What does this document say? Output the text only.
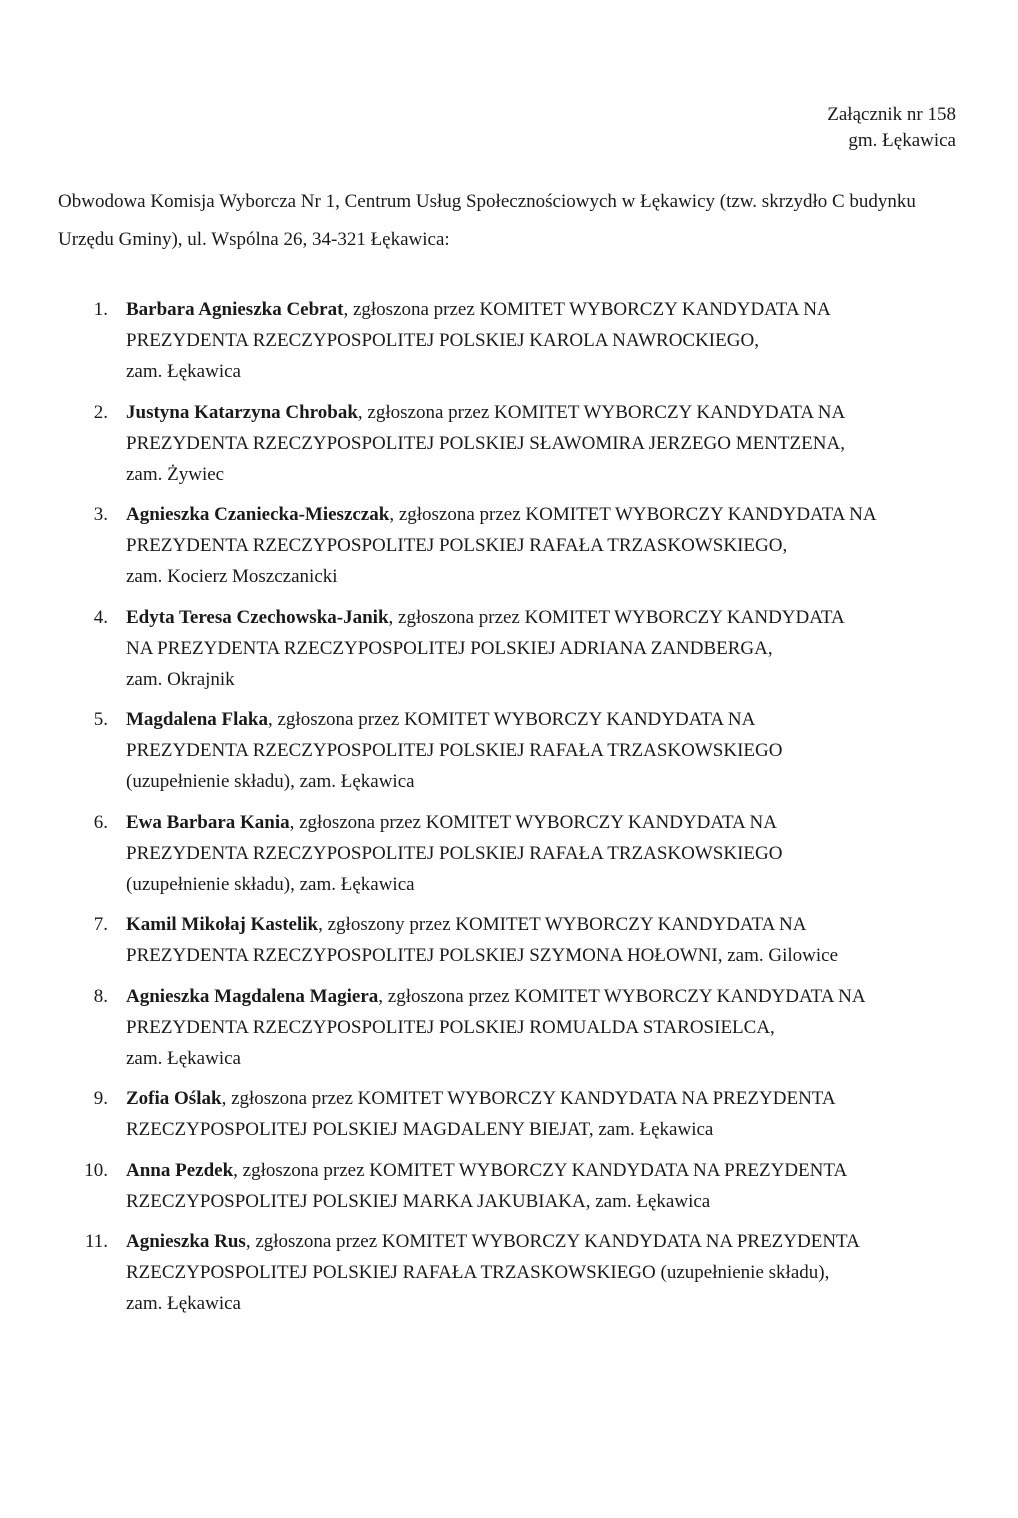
Załącznik nr 158
gm. Łękawica
Obwodowa Komisja Wyborcza Nr 1, Centrum Usług Społecznościowych w Łękawicy (tzw. skrzydło C budynku Urzędu Gminy), ul. Wspólna 26, 34-321 Łękawica:
1. Barbara Agnieszka Cebrat, zgłoszona przez KOMITET WYBORCZY KANDYDATA NA
PREZYDENTA RZECZYPOSPOLITEJ POLSKIEJ KAROLA NAWROCKIEGO,
zam. Łękawica
2. Justyna Katarzyna Chrobak, zgłoszona przez KOMITET WYBORCZY KANDYDATA NA
PREZYDENTA RZECZYPOSPOLITEJ POLSKIEJ SŁAWOMIRA JERZEGO MENTZENA,
zam. Żywiec
3. Agnieszka Czaniecka-Mieszczak, zgłoszona przez KOMITET WYBORCZY KANDYDATA NA
PREZYDENTA RZECZYPOSPOLITEJ POLSKIEJ RAFAŁA TRZASKOWSKIEGO,
zam. Kocierz Moszczanicki
4. Edyta Teresa Czechowska-Janik, zgłoszona przez KOMITET WYBORCZY KANDYDATA
NA PREZYDENTA RZECZYPOSPOLITEJ POLSKIEJ ADRIANA ZANDBERGA,
zam. Okrajnik
5. Magdalena Flaka, zgłoszona przez KOMITET WYBORCZY KANDYDATA NA
PREZYDENTA RZECZYPOSPOLITEJ POLSKIEJ RAFAŁA TRZASKOWSKIEGO
(uzupełnienie składu), zam. Łękawica
6. Ewa Barbara Kania, zgłoszona przez KOMITET WYBORCZY KANDYDATA NA
PREZYDENTA RZECZYPOSPOLITEJ POLSKIEJ RAFAŁA TRZASKOWSKIEGO
(uzupełnienie składu), zam. Łękawica
7. Kamil Mikołaj Kastelik, zgłoszony przez KOMITET WYBORCZY KANDYDATA NA
PREZYDENTA RZECZYPOSPOLITEJ POLSKIEJ SZYMONA HOŁOWNI, zam. Gilowice
8. Agnieszka Magdalena Magiera, zgłoszona przez KOMITET WYBORCZY KANDYDATA NA
PREZYDENTA RZECZYPOSPOLITEJ POLSKIEJ ROMUALDA STAROSIELCA,
zam. Łękawica
9. Zofia Oślak, zgłoszona przez KOMITET WYBORCZY KANDYDATA NA PREZYDENTA
RZECZYPOSPOLITEJ POLSKIEJ MAGDALENY BIEJAT, zam. Łękawica
10. Anna Pezdek, zgłoszona przez KOMITET WYBORCZY KANDYDATA NA PREZYDENTA
RZECZYPOSPOLITEJ POLSKIEJ MARKA JAKUBIAKA, zam. Łękawica
11. Agnieszka Rus, zgłoszona przez KOMITET WYBORCZY KANDYDATA NA PREZYDENTA
RZECZYPOSPOLITEJ POLSKIEJ RAFAŁA TRZASKOWSKIEGO (uzupełnienie składu),
zam. Łękawica
